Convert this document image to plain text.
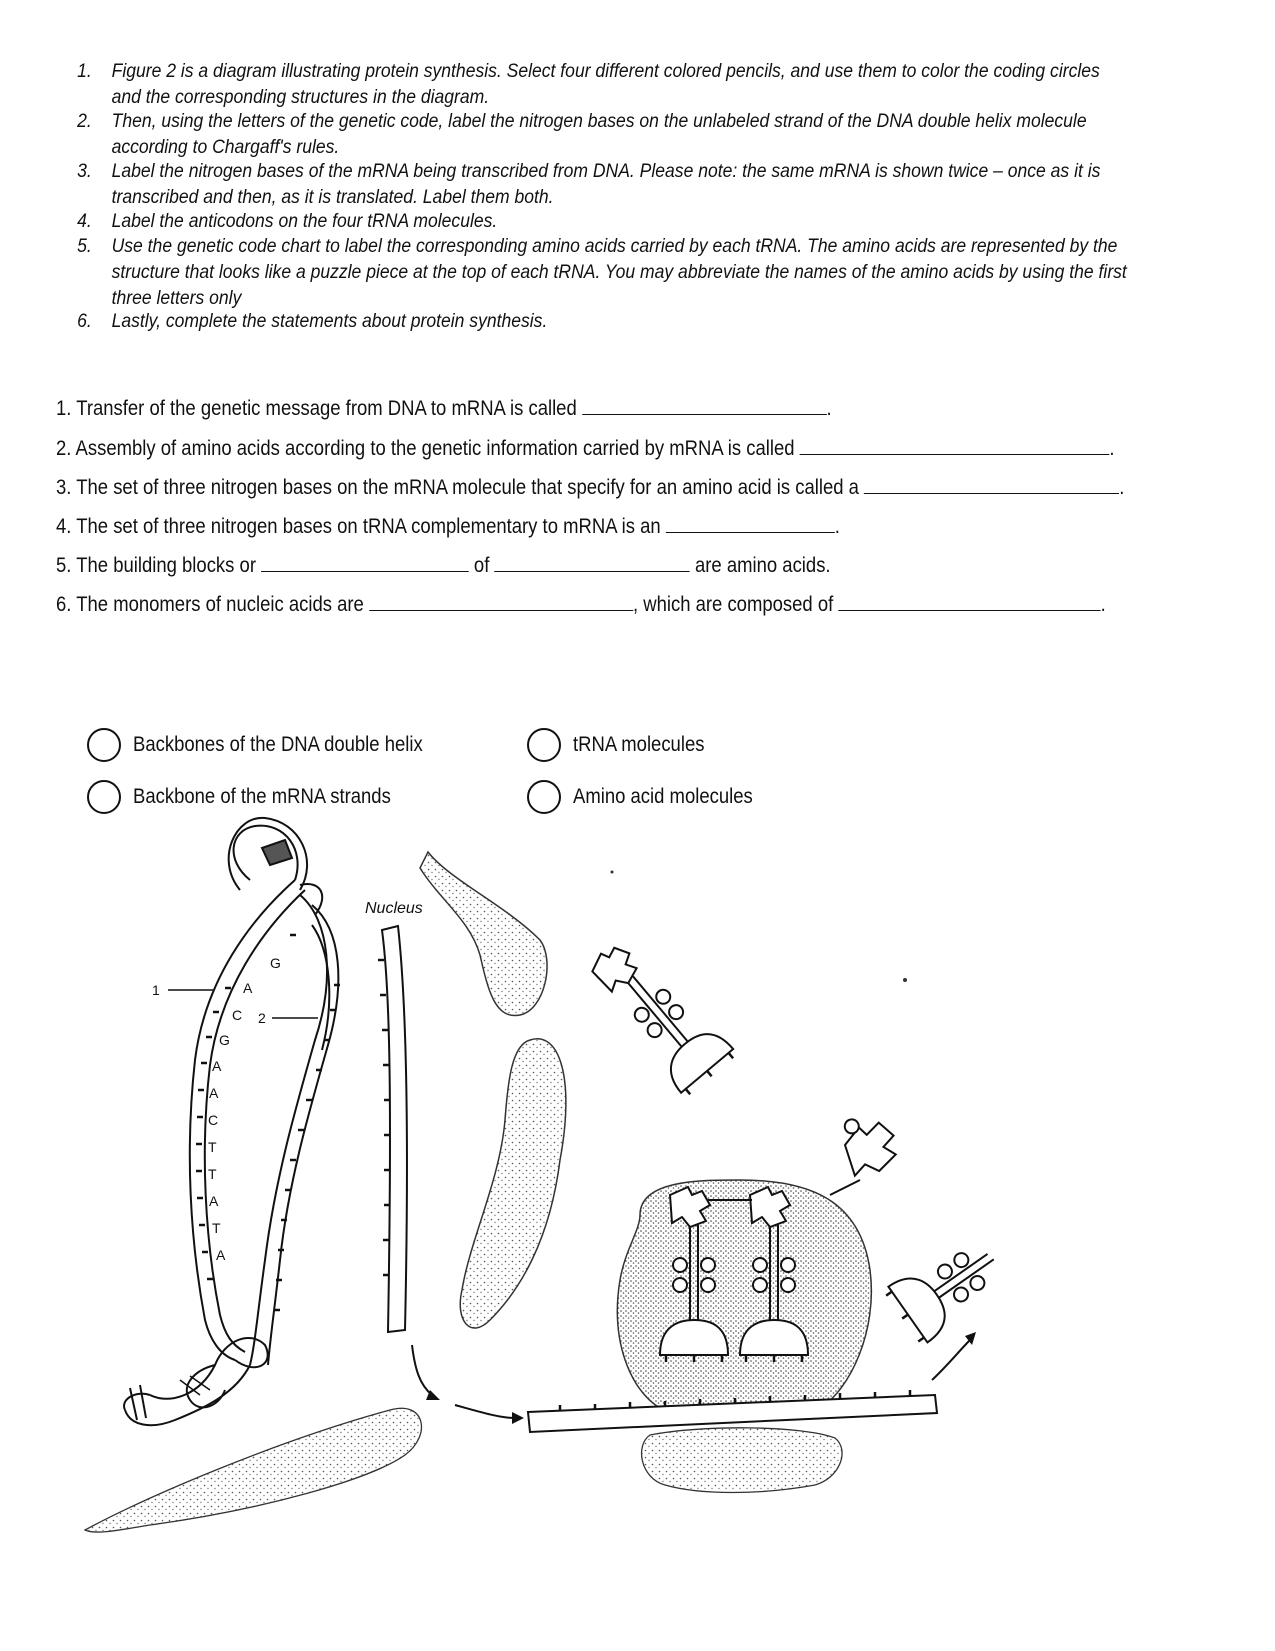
1. Figure 2 is a diagram illustrating protein synthesis. Select four different colored pencils, and use them to color the coding circles
and the corresponding structures in the diagram.
2. Then, using the letters of the genetic code, label the nitrogen bases on the unlabeled strand of the DNA double helix molecule
according to Chargaff's rules.
3. Label the nitrogen bases of the mRNA being transcribed from DNA. Please note: the same mRNA is shown twice – once as it is
transcribed and then, as it is translated. Label them both.
4. Label the anticodons on the four tRNA molecules.
5. Use the genetic code chart to label the corresponding amino acids carried by each tRNA. The amino acids are represented by the
structure that looks like a puzzle piece at the top of each tRNA. You may abbreviate the names of the amino acids by using the first
three letters only
6. Lastly, complete the statements about protein synthesis.
1. Transfer of the genetic message from DNA to mRNA is called	.
2. Assembly of amino acids according to the genetic information carried by mRNA is called	.
3. The set of three nitrogen bases on the mRNA molecule that specify for an amino acid is called a	.
4. The set of three nitrogen bases on tRNA complementary to mRNA is an	.
5. The building blocks or	of	are amino acids.
6. The monomers of nucleic acids are	, which are composed of	.
Backbones of the DNA double helix
Backbone of the mRNA strands
tRNA molecules
Amino acid molecules
Nucleus
G
A
C
G
A
A
C
T
T
A
T
A
1
2
